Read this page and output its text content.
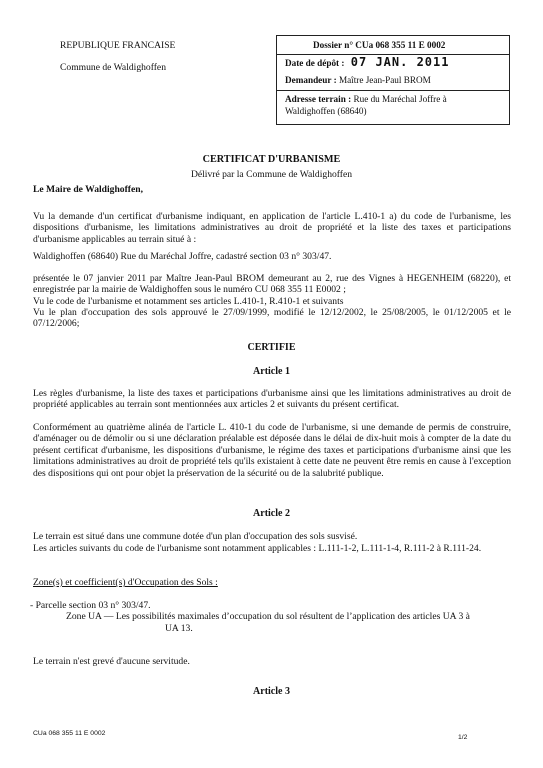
REPUBLIQUE FRANCAISE
Commune de Waldighoffen
Dossier n° CUa 068 355 11 E 0002
Date de dépôt : 07 JAN. 2011
Demandeur : Maître Jean-Paul BROM
Adresse terrain : Rue du Maréchal Joffre à
Waldighoffen (68640)
CERTIFICAT D'URBANISME
Délivré par la Commune de Waldighoffen
Le Maire de Waldighoffen,
Vu la demande d'un certificat d'urbanisme indiquant, en application de l'article L.410-1 a) du code de l'urbanisme, les dispositions d'urbanisme, les limitations administratives au droit de propriété et la liste des taxes et participations d'urbanisme applicables au terrain situé à :
Waldighoffen (68640) Rue du Maréchal Joffre, cadastré section 03 n° 303/47.
présentée le 07 janvier 2011 par Maître Jean-Paul BROM demeurant au 2, rue des Vignes à HEGENHEIM (68220), et enregistrée par la mairie de Waldighoffen sous le numéro CU 068 355 11 E0002 ;
Vu le code de l'urbanisme et notamment ses articles L.410-1, R.410-1 et suivants
Vu le plan d'occupation des sols approuvé le 27/09/1999, modifié le 12/12/2002, le 25/08/2005, le 01/12/2005 et le 07/12/2006;
CERTIFIE
Article 1
Les règles d'urbanisme, la liste des taxes et participations d'urbanisme ainsi que les limitations administratives au droit de propriété applicables au terrain sont mentionnées aux articles 2 et suivants du présent certificat.
Conformément au quatrième alinéa de l'article L. 410-1 du code de l'urbanisme, si une demande de permis de construire, d'aménager ou de démolir ou si une déclaration préalable est déposée dans le délai de dix-huit mois à compter de la date du présent certificat d'urbanisme, les dispositions d'urbanisme, le régime des taxes et participations d'urbanisme ainsi que les limitations administratives au droit de propriété tels qu'ils existaient à cette date ne peuvent être remis en cause à l'exception des dispositions qui ont pour objet la préservation de la sécurité ou de la salubrité publique.
Article 2
Le terrain est situé dans une commune dotée d'un plan d'occupation des sols susvisé.
Les articles suivants du code de l'urbanisme sont notamment applicables : L.111-1-2, L.111-1-4, R.111-2 à R.111-24.
Zone(s) et coefficient(s) d'Occupation des Sols :
- Parcelle section 03 n° 303/47.
Zone UA — Les possibilités maximales d’occupation du sol résultent de l’application des articles UA 3 à
UA 13.
Le terrain n'est grevé d'aucune servitude.
Article 3
CUa 068 355 11 E 0002
1/2
